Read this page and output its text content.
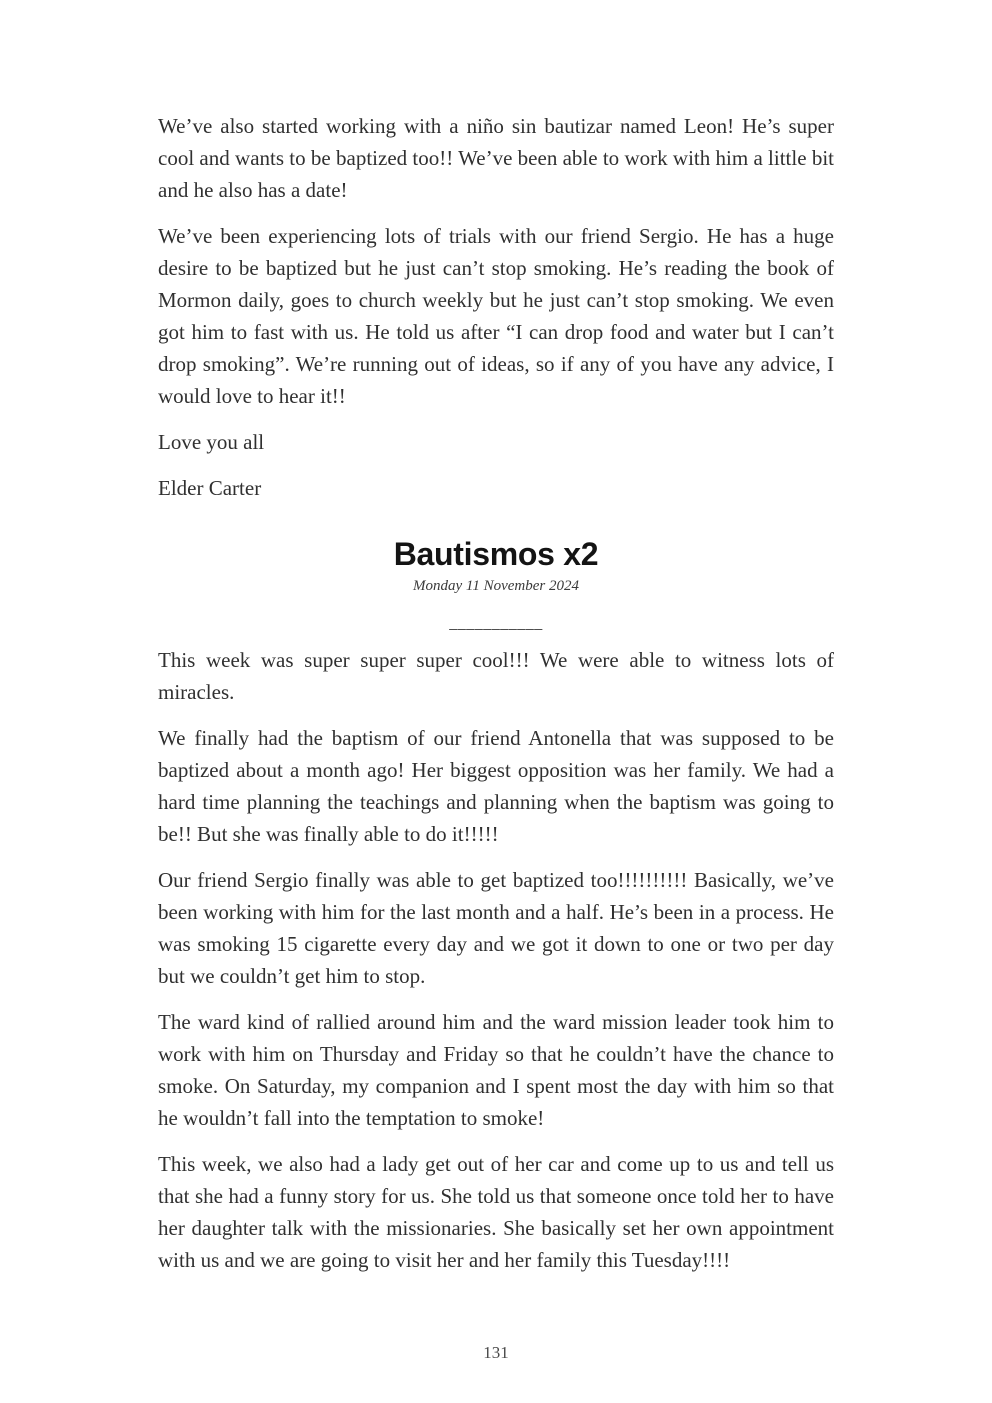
We’ve also started working with a niño sin bautizar named Leon! He’s super cool and wants to be baptized too!! We’ve been able to work with him a little bit and he also has a date!

We’ve been experiencing lots of trials with our friend Sergio. He has a huge desire to be baptized but he just can’t stop smoking. He’s reading the book of Mormon daily, goes to church weekly but he just can’t stop smoking. We even got him to fast with us. He told us after “I can drop food and water but I can’t drop smoking”. We’re running out of ideas, so if any of you have any advice, I would love to hear it!!

Love you all

Elder Carter

Bautismos x2

Monday 11 November 2024

___________

This week was super super super cool!!! We were able to witness lots of miracles.

We finally had the baptism of our friend Antonella that was supposed to be baptized about a month ago! Her biggest opposition was her family. We had a hard time planning the teachings and planning when the baptism was going to be!! But she was finally able to do it!!!!!

Our friend Sergio finally was able to get baptized too!!!!!!!!!! Basically, we’ve been working with him for the last month and a half. He’s been in a process. He was smoking 15 cigarette every day and we got it down to one or two per day but we couldn’t get him to stop.

The ward kind of rallied around him and the ward mission leader took him to work with him on Thursday and Friday so that he couldn’t have the chance to smoke. On Saturday, my companion and I spent most the day with him so that he wouldn’t fall into the temptation to smoke!

This week, we also had a lady get out of her car and come up to us and tell us that she had a funny story for us. She told us that someone once told her to have her daughter talk with the missionaries. She basically set her own appointment with us and we are going to visit her and her family this Tuesday!!!!

131
